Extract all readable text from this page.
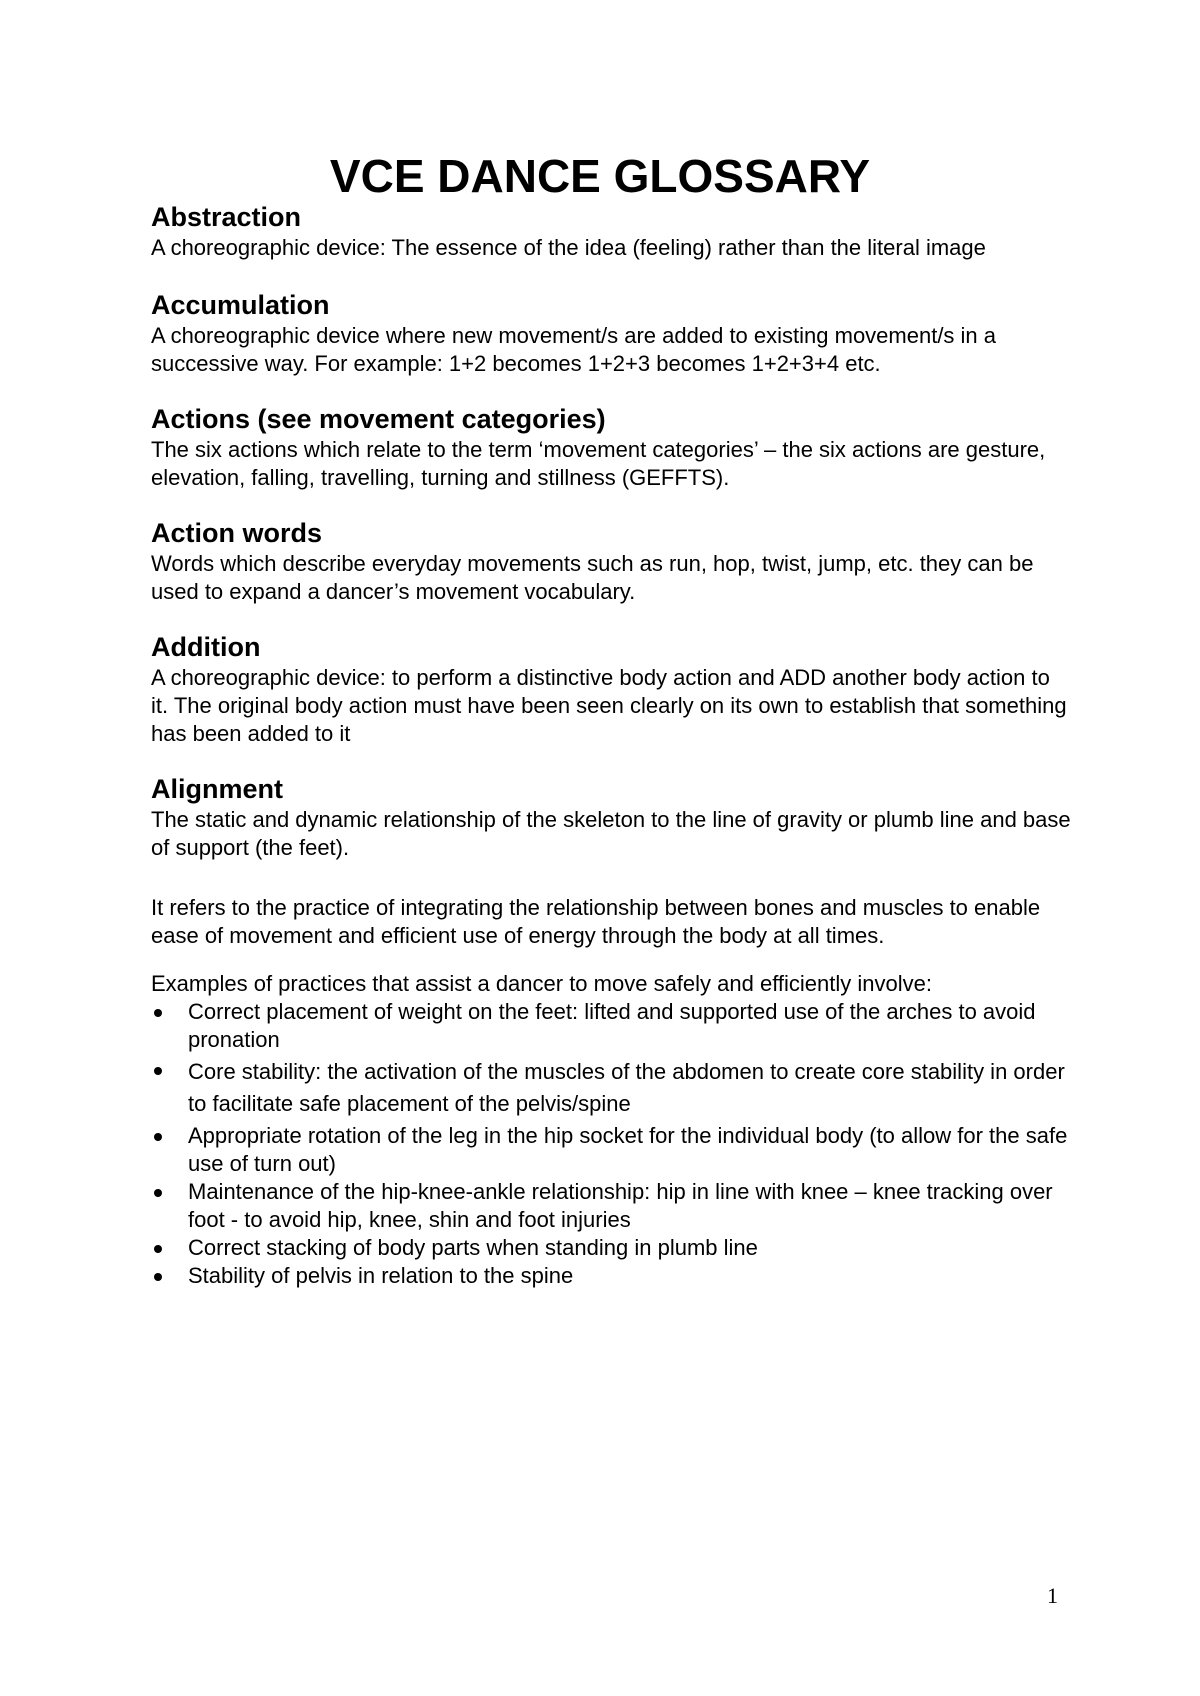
VCE DANCE GLOSSARY

Abstraction

A choreographic device: The essence of the idea (feeling) rather than the literal image

Accumulation

A choreographic device where new movement/s are added to existing movement/s in a successive way. For example: 1+2 becomes 1+2+3 becomes 1+2+3+4 etc.

Actions (see movement categories)

The six actions which relate to the term ‘movement categories’ – the six actions are gesture, elevation, falling, travelling, turning and stillness (GEFFTS).

Action words

Words which describe everyday movements such as run, hop, twist, jump, etc. they can be used to expand a dancer’s movement vocabulary.

Addition

A choreographic device: to perform a distinctive body action and ADD another body action to it. The original body action must have been seen clearly on its own to establish that something has been added to it

Alignment

The static and dynamic relationship of the skeleton to the line of gravity or plumb line and base of support (the feet).

It refers to the practice of integrating the relationship between bones and muscles to enable ease of movement and efficient use of energy through the body at all times.

Examples of practices that assist a dancer to move safely and efficiently involve:

Correct placement of weight on the feet: lifted and supported use of the arches to avoid pronation
Core stability: the activation of the muscles of the abdomen to create core stability in order to facilitate safe placement of the pelvis/spine
Appropriate rotation of the leg in the hip socket for the individual body (to allow for the safe use of turn out)
Maintenance of the hip-knee-ankle relationship: hip in line with knee – knee tracking over foot - to avoid hip, knee, shin and foot injuries
Correct stacking of body parts when standing in plumb line
Stability of pelvis in relation to the spine
1
